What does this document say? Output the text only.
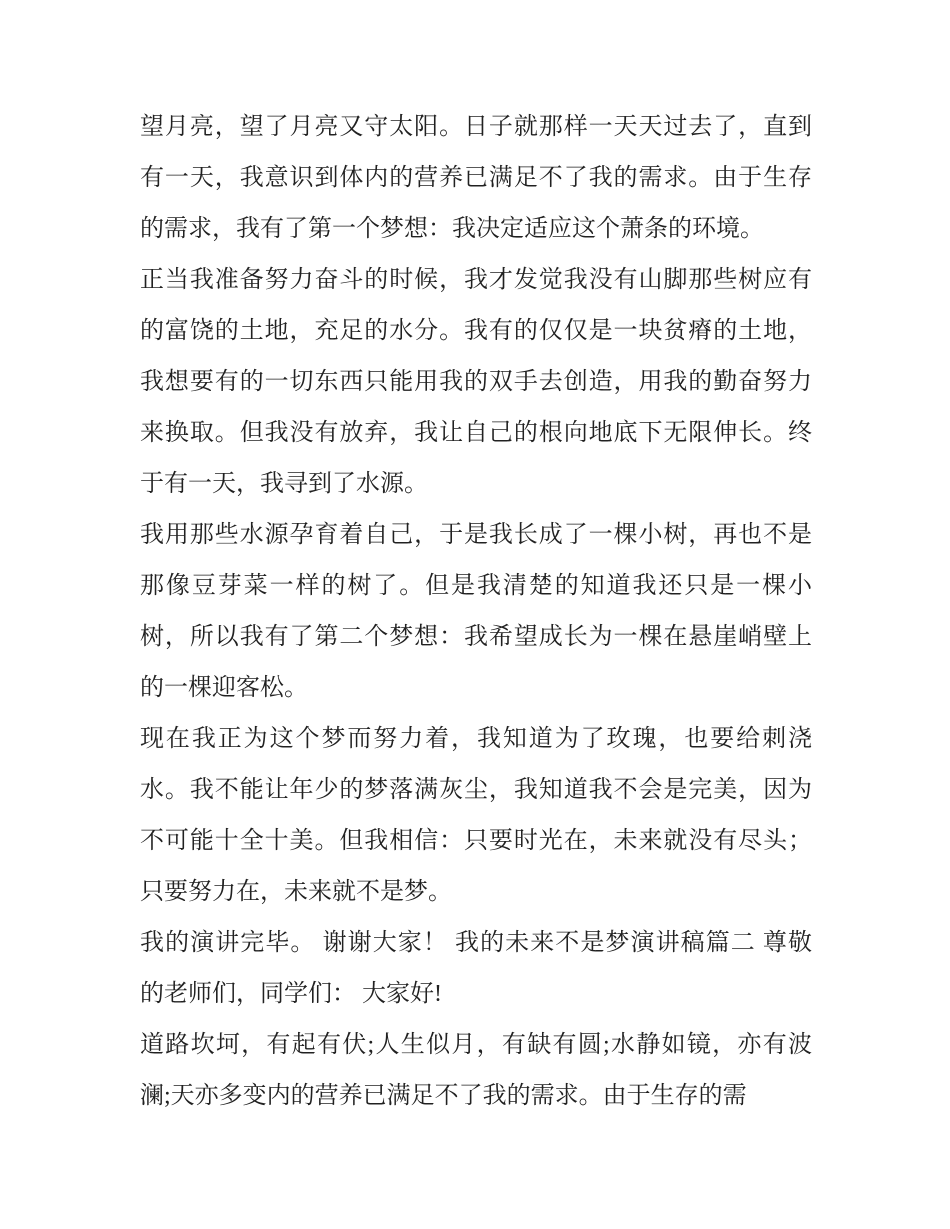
望月亮，望了月亮又守太阳。日子就那样一天天过去了，直到
有一天，我意识到体内的营养已满足不了我的需求。由于生存
的需求，我有了第一个梦想：我决定适应这个萧条的环境。
正当我准备努力奋斗的时候，我才发觉我没有山脚那些树应有
的富饶的土地，充足的水分。我有的仅仅是一块贫瘠的土地，
我想要有的一切东西只能用我的双手去创造，用我的勤奋努力
来换取。但我没有放弃，我让自己的根向地底下无限伸长。终
于有一天，我寻到了水源。
我用那些水源孕育着自己，于是我长成了一棵小树，再也不是
那像豆芽菜一样的树了。但是我清楚的知道我还只是一棵小
树，所以我有了第二个梦想：我希望成长为一棵在悬崖峭壁上
的一棵迎客松。
现在我正为这个梦而努力着，我知道为了玫瑰，也要给刺浇
水。我不能让年少的梦落满灰尘，我知道我不会是完美，因为
不可能十全十美。但我相信：只要时光在，未来就没有尽头；
只要努力在，未来就不是梦。
我的演讲完毕。 谢谢大家！ 我的未来不是梦演讲稿篇二 尊敬
的老师们，同学们： 大家好!
道路坎坷，有起有伏;人生似月，有缺有圆;水静如镜，亦有波
澜;天亦多变内的营养已满足不了我的需求。由于生存的需
